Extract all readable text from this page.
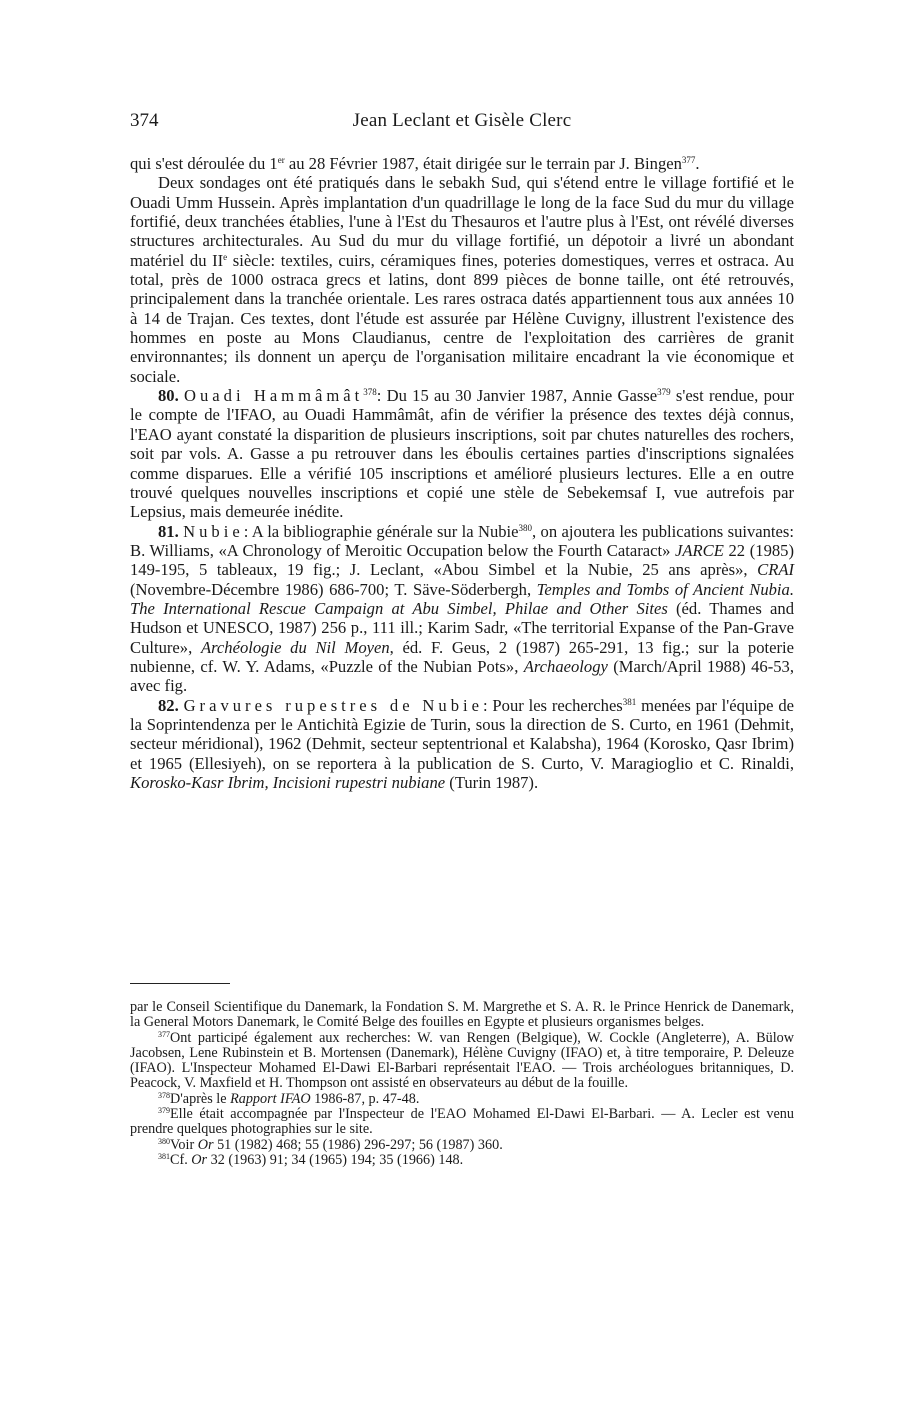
374	Jean Leclant et Gisèle Clerc

qui s'est déroulée du 1er au 28 Février 1987, était dirigée sur le terrain par J. Bingen$^{377}$.

Deux sondages ont été pratiqués dans le sebakh Sud, qui s'étend entre le village fortifié et le Ouadi Umm Hussein. Après implantation d'un quadrillage le long de la face Sud du mur du village fortifié, deux tranchées établies, l'une à l'Est du Thesauros et l'autre plus à l'Est, ont révélé diverses structures architecturales. Au Sud du mur du village fortifié, un dépotoir a livré un abondant matériel du IIe siècle: textiles, cuirs, céramiques fines, poteries domestiques, verres et ostraca. Au total, près de 1000 ostraca grecs et latins, dont 899 pièces de bonne taille, ont été retrouvés, principalement dans la tranchée orientale. Les rares ostraca datés appartiennent tous aux années 10 à 14 de Trajan. Ces textes, dont l'étude est assurée par Hélène Cuvigny, illustrent l'existence des hommes en poste au Mons Claudianus, centre de l'exploitation des carrières de granit environnantes; ils donnent un aperçu de l'organisation militaire encadrant la vie économique et sociale.

80. Ouadi Hammâmât$^{378}$: Du 15 au 30 Janvier 1987, Annie Gasse$^{379}$ s'est rendue, pour le compte de l'IFAO, au Ouadi Hammâmât, afin de vérifier la présence des textes déjà connus, l'EAO ayant constaté la disparition de plusieurs inscriptions, soit par chutes naturelles des rochers, soit par vols. A. Gasse a pu retrouver dans les éboulis certaines parties d'inscriptions signalées comme disparues. Elle a vérifié 105 inscriptions et amélioré plusieurs lectures. Elle a en outre trouvé quelques nouvelles inscriptions et copié une stèle de Sebekemsaf I, vue autrefois par Lepsius, mais demeurée inédite.

81. Nubie: A la bibliographie générale sur la Nubie$^{380}$, on ajoutera les publications suivantes: B. Williams, «A Chronology of Meroitic Occupation below the Fourth Cataract» JARCE 22 (1985) 149-195, 5 tableaux, 19 fig.; J. Leclant, «Abou Simbel et la Nubie, 25 ans après», CRAI (Novembre-Décembre 1986) 686-700; T. Säve-Söderbergh, Temples and Tombs of Ancient Nubia. The International Rescue Campaign at Abu Simbel, Philae and Other Sites (éd. Thames and Hudson et UNESCO, 1987) 256 p., 111 ill.; Karim Sadr, «The territorial Expanse of the Pan-Grave Culture», Archéologie du Nil Moyen, éd. F. Geus, 2 (1987) 265-291, 13 fig.; sur la poterie nubienne, cf. W. Y. Adams, «Puzzle of the Nubian Pots», Archaeology (March/April 1988) 46-53, avec fig.

82. Gravures rupestres de Nubie: Pour les recherches$^{381}$ menées par l'équipe de la Soprintendenza per le Antichità Egizie de Turin, sous la direction de S. Curto, en 1961 (Dehmit, secteur méridional), 1962 (Dehmit, secteur septentrional et Kalabsha), 1964 (Korosko, Qasr Ibrim) et 1965 (Ellesiyeh), on se reportera à la publication de S. Curto, V. Maragioglio et C. Rinaldi, Korosko-Kasr Ibrim, Incisioni rupestri nubiane (Turin 1987).

par le Conseil Scientifique du Danemark, la Fondation S. M. Margrethe et S. A. R. le Prince Henrick de Danemark, la General Motors Danemark, le Comité Belge des fouilles en Egypte et plusieurs organismes belges.

$^{377}$Ont participé également aux recherches: W. van Rengen (Belgique), W. Cockle (Angleterre), A. Bülow Jacobsen, Lene Rubinstein et B. Mortensen (Danemark), Hélène Cuvigny (IFAO) et, à titre temporaire, P. Deleuze (IFAO). L'Inspecteur Mohamed El-Dawi El-Barbari représentait l'EAO. — Trois archéologues britanniques, D. Peacock, V. Maxfield et H. Thompson ont assisté en observateurs au début de la fouille.

$^{378}$D'après le Rapport IFAO 1986-87, p. 47-48.

$^{379}$Elle était accompagnée par l'Inspecteur de l'EAO Mohamed El-Dawi El-Barbari. — A. Lecler est venu prendre quelques photographies sur le site.

$^{380}$Voir Or 51 (1982) 468; 55 (1986) 296-297; 56 (1987) 360.

$^{381}$Cf. Or 32 (1963) 91; 34 (1965) 194; 35 (1966) 148.
